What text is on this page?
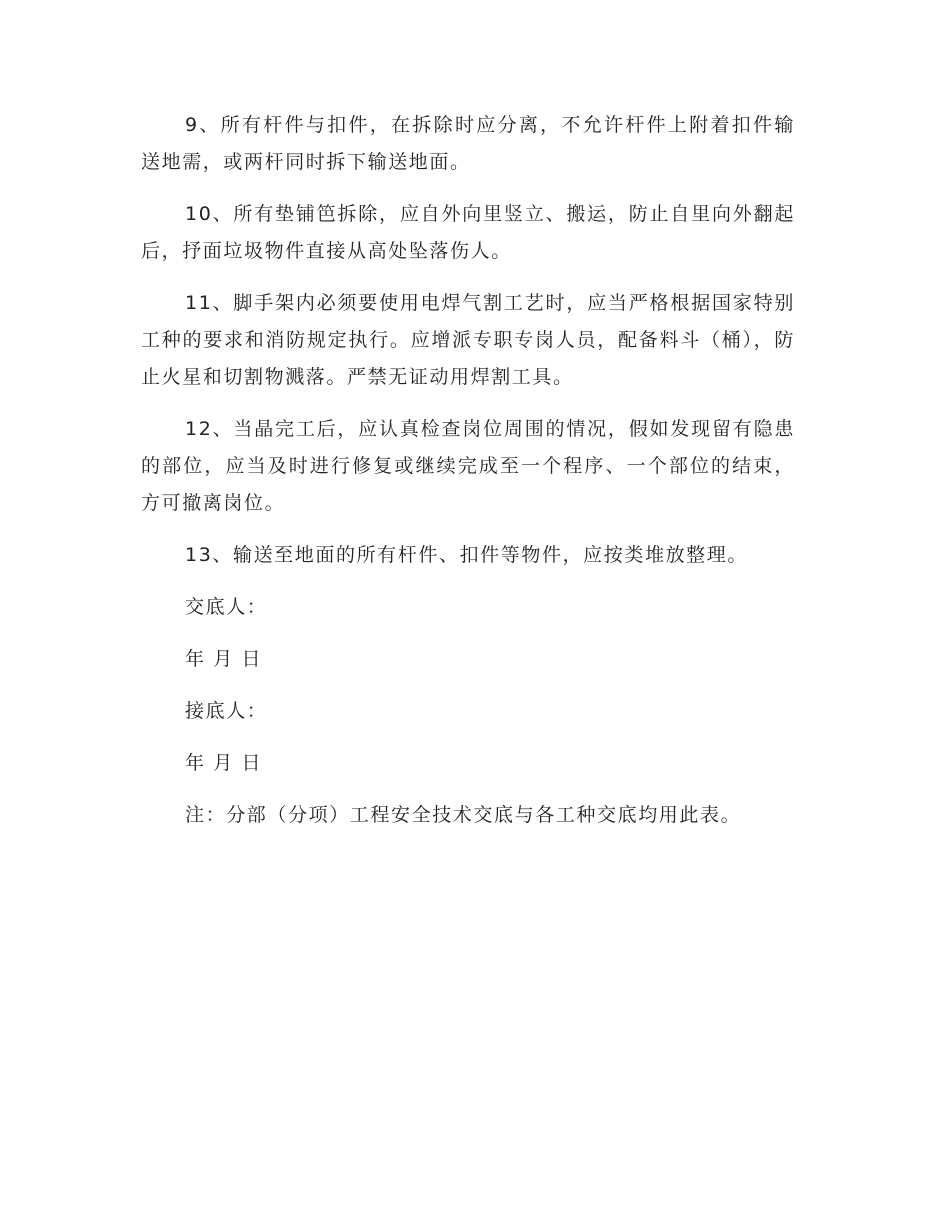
9、所有杆件与扣件，在拆除时应分离，不允许杆件上附着扣件输送地需，或两杆同时拆下输送地面。

10、所有垫铺笆拆除，应自外向里竖立、搬运，防止自里向外翻起后，抒面垃圾物件直接从高处坠落伤人。

11、脚手架内必须要使用电焊气割工艺时，应当严格根据国家特别工种的要求和消防规定执行。应增派专职专岗人员，配备料斗（桶），防止火星和切割物溅落。严禁无证动用焊割工具。

12、当晶完工后，应认真检查岗位周围的情况，假如发现留有隐患的部位，应当及时进行修复或继续完成至一个程序、一个部位的结束，方可撤离岗位。

13、输送至地面的所有杆件、扣件等物件，应按类堆放整理。

交底人：

年 月 日

接底人：

年 月 日

注：分部（分项）工程安全技术交底与各工种交底均用此表。
